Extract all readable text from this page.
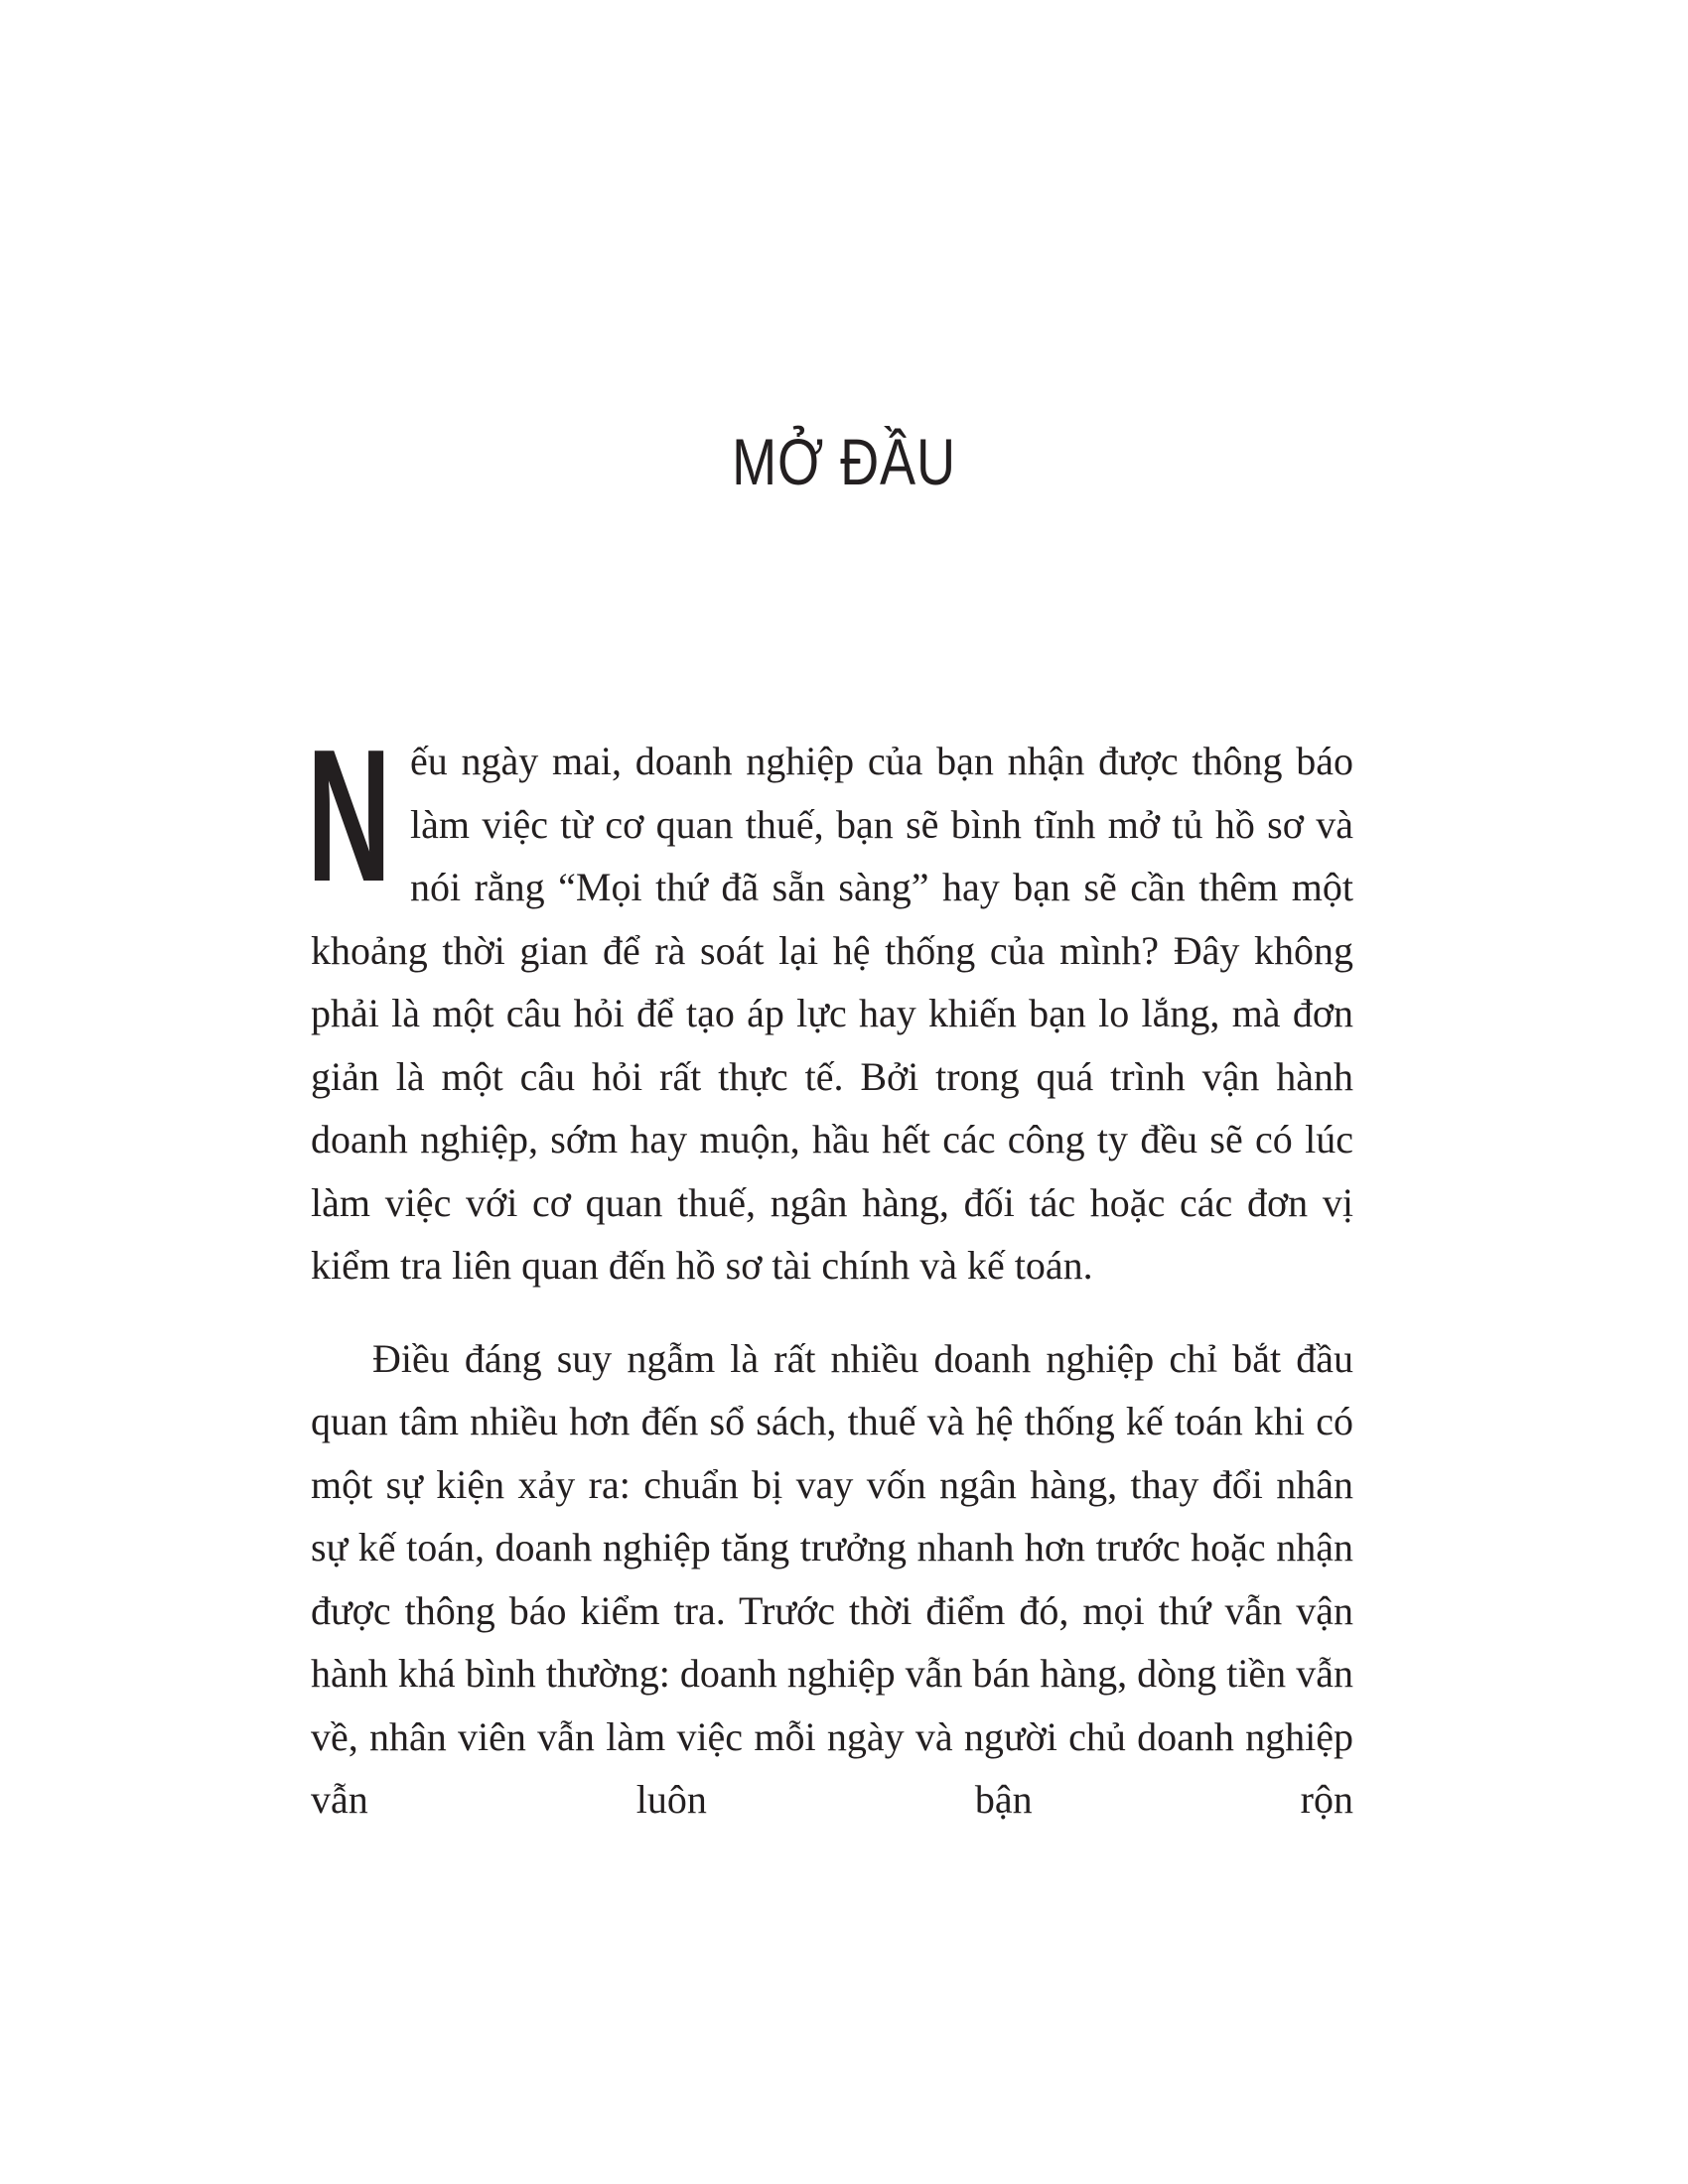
MỞ ĐẦU

Nếu ngày mai, doanh nghiệp của bạn nhận được thông báo làm việc từ cơ quan thuế, bạn sẽ bình tĩnh mở tủ hồ sơ và nói rằng “Mọi thứ đã sẵn sàng” hay bạn sẽ cần thêm một khoảng thời gian để rà soát lại hệ thống của mình? Đây không phải là một câu hỏi để tạo áp lực hay khiến bạn lo lắng, mà đơn giản là một câu hỏi rất thực tế. Bởi trong quá trình vận hành doanh nghiệp, sớm hay muộn, hầu hết các công ty đều sẽ có lúc làm việc với cơ quan thuế, ngân hàng, đối tác hoặc các đơn vị kiểm tra liên quan đến hồ sơ tài chính và kế toán.

Điều đáng suy ngẫm là rất nhiều doanh nghiệp chỉ bắt đầu quan tâm nhiều hơn đến sổ sách, thuế và hệ thống kế toán khi có một sự kiện xảy ra: chuẩn bị vay vốn ngân hàng, thay đổi nhân sự kế toán, doanh nghiệp tăng trưởng nhanh hơn trước hoặc nhận được thông báo kiểm tra. Trước thời điểm đó, mọi thứ vẫn vận hành khá bình thường: doanh nghiệp vẫn bán hàng, dòng tiền vẫn về, nhân viên vẫn làm việc mỗi ngày và người chủ doanh nghiệp vẫn luôn bận rộn
